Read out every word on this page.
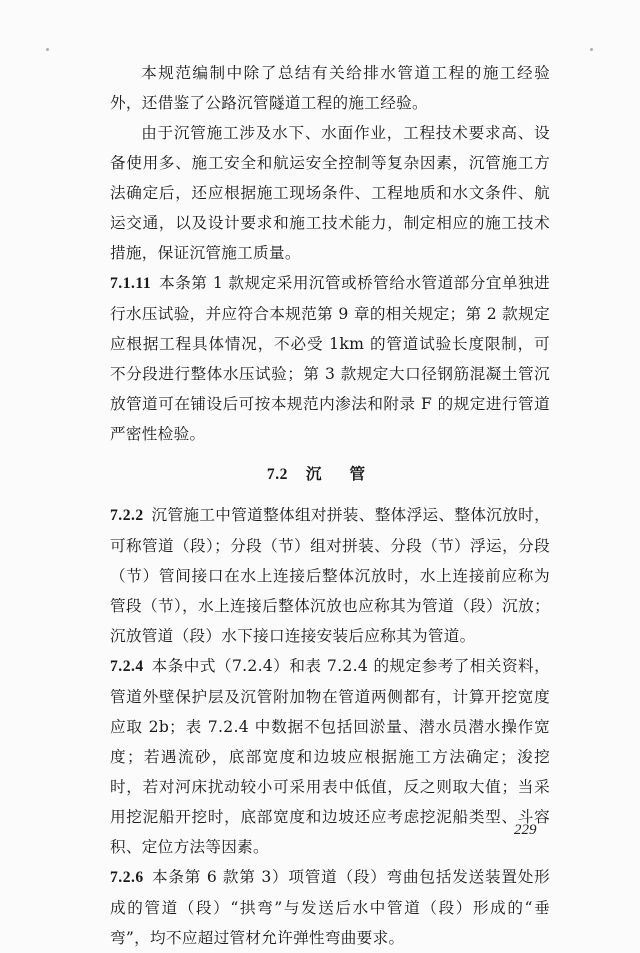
本规范编制中除了总结有关给排水管道工程的施工经验外，还借鉴了公路沉管隧道工程的施工经验。

由于沉管施工涉及水下、水面作业，工程技术要求高、设备使用多、施工安全和航运安全控制等复杂因素，沉管施工方法确定后，还应根据施工现场条件、工程地质和水文条件、航运交通，以及设计要求和施工技术能力，制定相应的施工技术措施，保证沉管施工质量。

7.1.11 本条第 1 款规定采用沉管或桥管给水管道部分宜单独进行水压试验，并应符合本规范第 9 章的相关规定；第 2 款规定应根据工程具体情况，不必受 1km 的管道试验长度限制，可不分段进行整体水压试验；第 3 款规定大口径钢筋混凝土管沉放管道可在铺设后可按本规范内渗法和附录 F 的规定进行管道严密性检验。

7.2 沉管

7.2.2 沉管施工中管道整体组对拼装、整体浮运、整体沉放时，可称管道（段）；分段（节）组对拼装、分段（节）浮运，分段（节）管间接口在水上连接后整体沉放时，水上连接前应称为管段（节），水上连接后整体沉放也应称其为管道（段）沉放；沉放管道（段）水下接口连接安装后应称其为管道。

7.2.4 本条中式（7.2.4）和表 7.2.4 的规定参考了相关资料，管道外壁保护层及沉管附加物在管道两侧都有，计算开挖宽度应取 2b；表 7.2.4 中数据不包括回淤量、潜水员潜水操作宽度；若遇流砂，底部宽度和边坡应根据施工方法确定；浚挖时，若对河床扰动较小可采用表中低值，反之则取大值；当采用挖泥船开挖时，底部宽度和边坡还应考虑挖泥船类型、斗容积、定位方法等因素。

7.2.6 本条第 6 款第 3）项管道（段）弯曲包括发送装置处形成的管道（段）“拱弯”与发送后水中管道（段）形成的“垂弯”，均不应超过管材允许弹性弯曲要求。

229
